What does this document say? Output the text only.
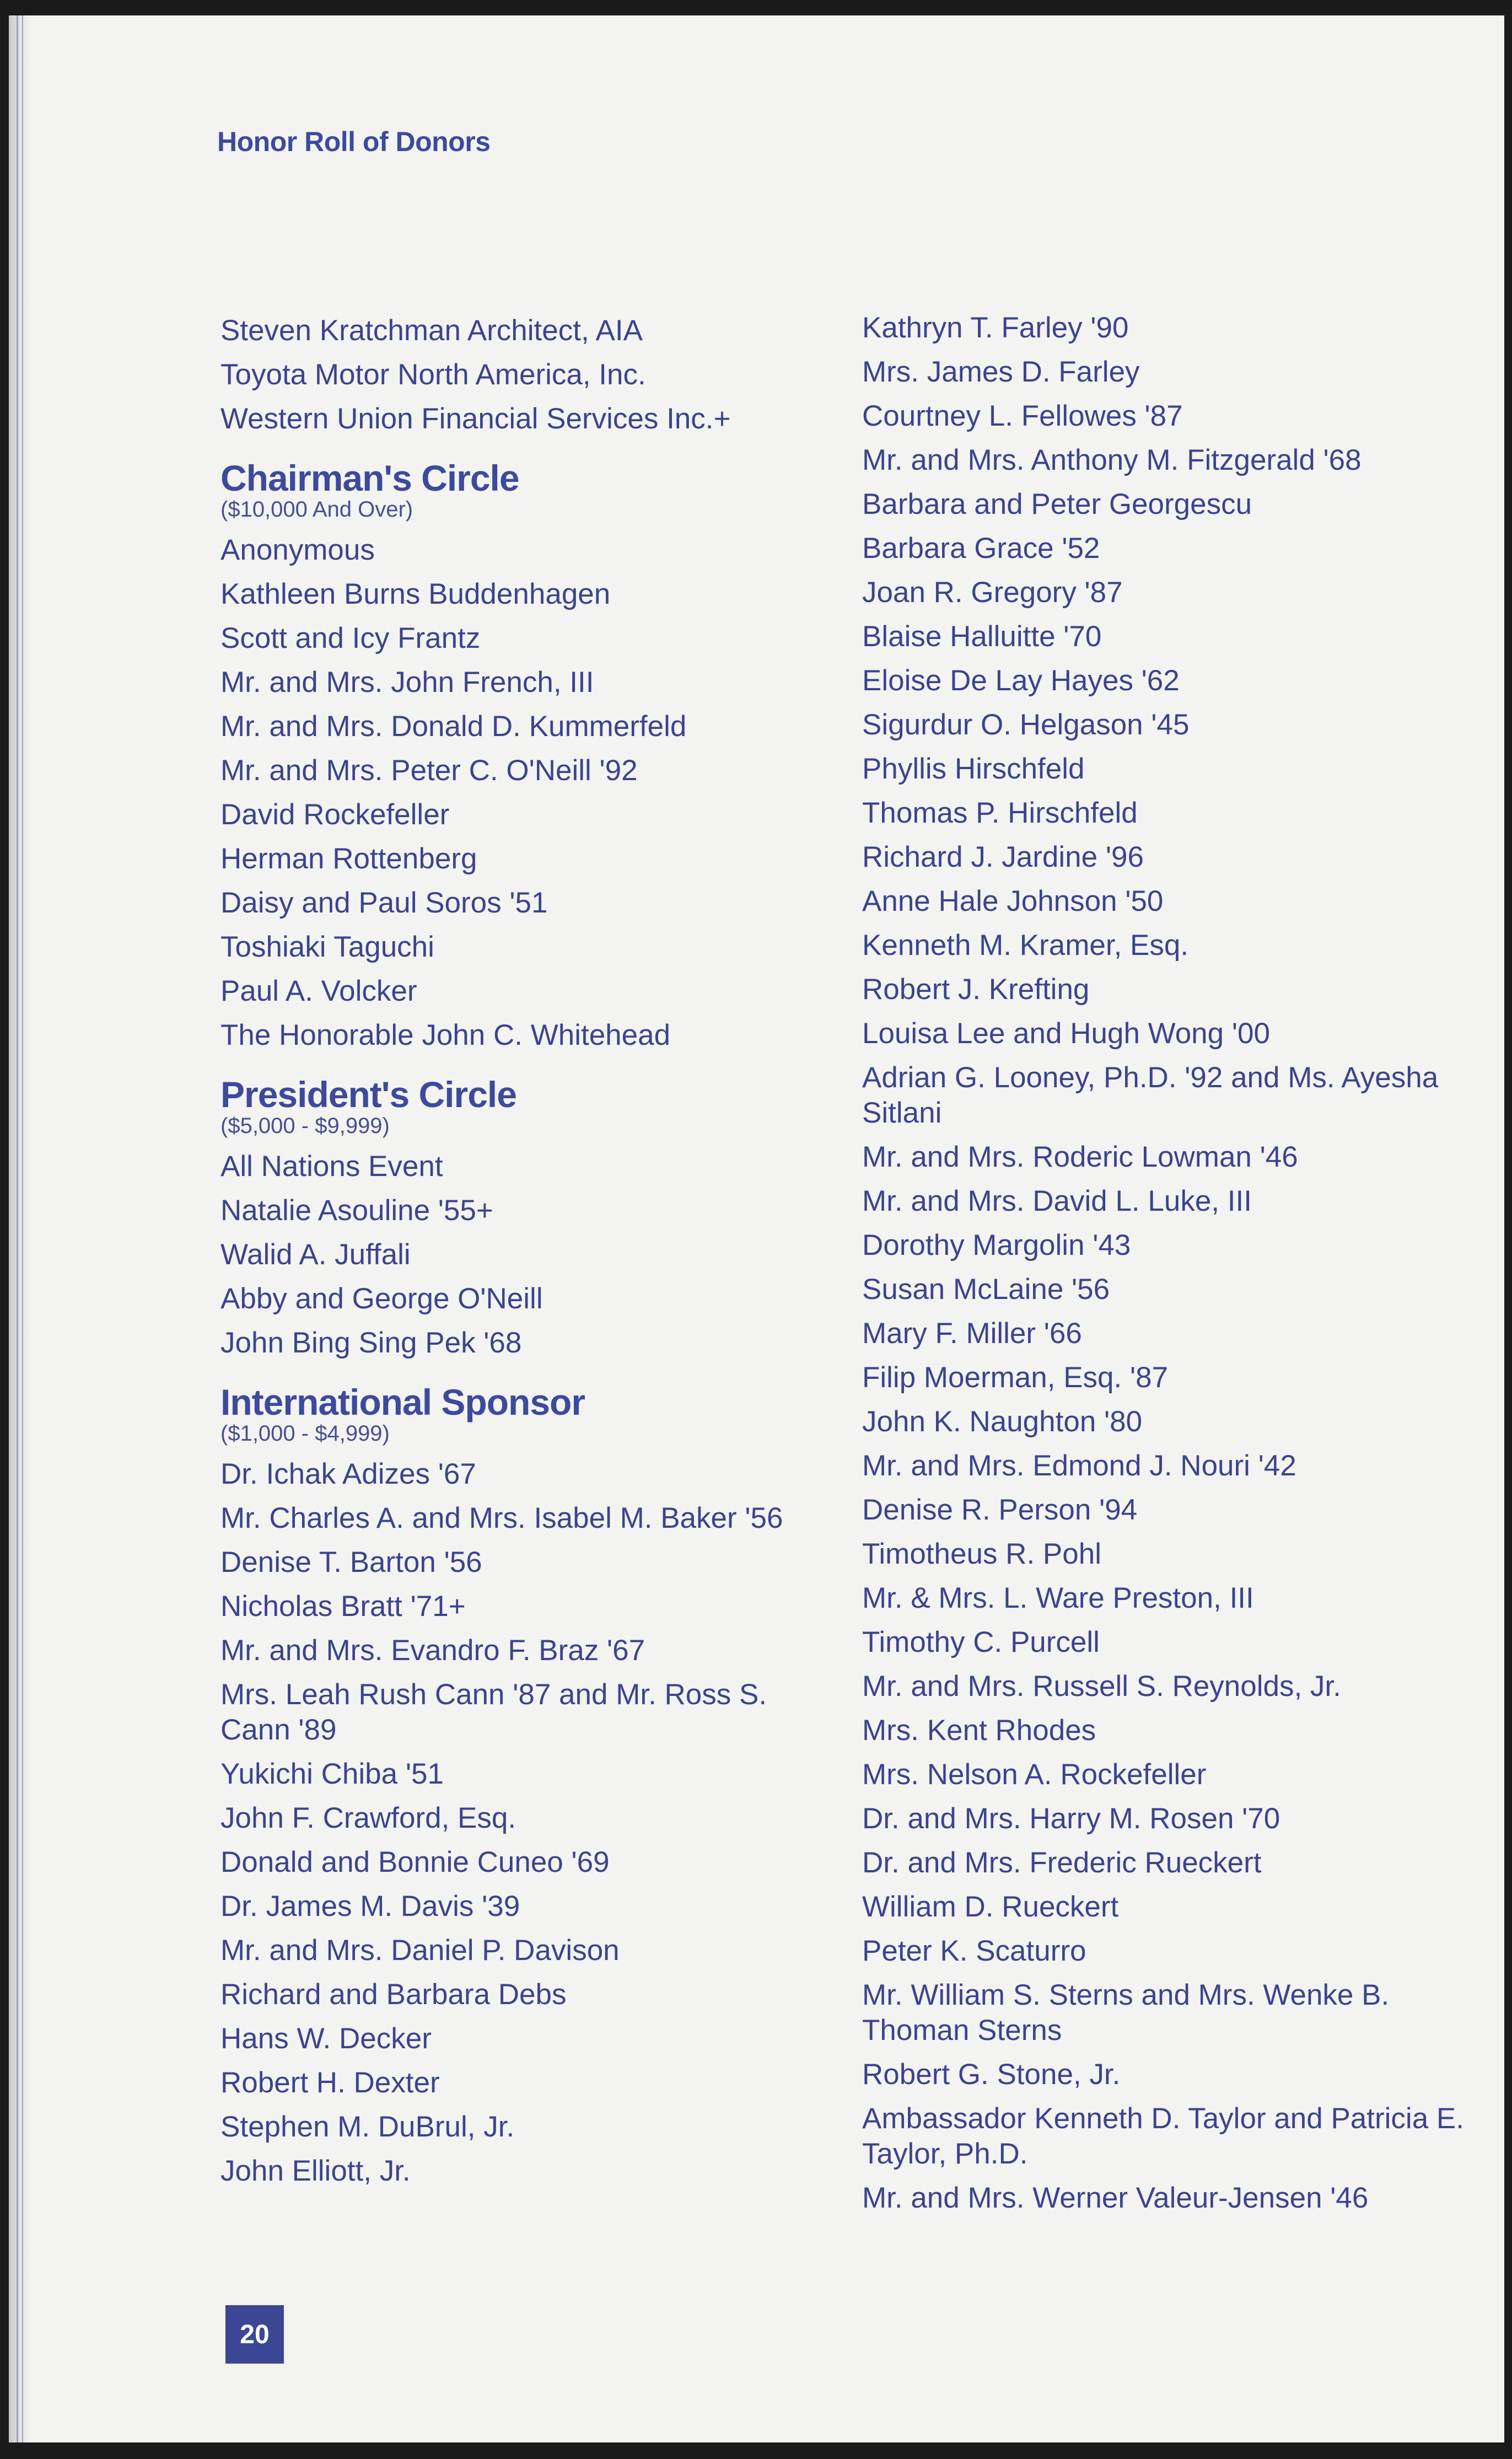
Honor Roll of Donors
Steven Kratchman Architect, AIA
Toyota Motor North America, Inc.
Western Union Financial Services Inc.+
Chairman's Circle
($10,000 And Over)
Anonymous
Kathleen Burns Buddenhagen
Scott and Icy Frantz
Mr. and Mrs. John French, III
Mr. and Mrs. Donald D. Kummerfeld
Mr. and Mrs. Peter C. O'Neill '92
David Rockefeller
Herman Rottenberg
Daisy and Paul Soros '51
Toshiaki Taguchi
Paul A. Volcker
The Honorable John C. Whitehead
President's Circle
($5,000 - $9,999)
All Nations Event
Natalie Asouline '55+
Walid A. Juffali
Abby and George O'Neill
John Bing Sing Pek '68
International Sponsor
($1,000 - $4,999)
Dr. Ichak Adizes '67
Mr. Charles A. and Mrs. Isabel M. Baker '56
Denise T. Barton '56
Nicholas Bratt '71+
Mr. and Mrs. Evandro F. Braz '67
Mrs. Leah Rush Cann '87 and Mr. Ross S. Cann '89
Yukichi Chiba '51
John F. Crawford, Esq.
Donald and Bonnie Cuneo '69
Dr. James M. Davis '39
Mr. and Mrs. Daniel P. Davison
Richard and Barbara Debs
Hans W. Decker
Robert H. Dexter
Stephen M. DuBrul, Jr.
John Elliott, Jr.
Kathryn T. Farley '90
Mrs. James D. Farley
Courtney L. Fellowes '87
Mr. and Mrs. Anthony M. Fitzgerald '68
Barbara and Peter Georgescu
Barbara Grace '52
Joan R. Gregory '87
Blaise Halluitte '70
Eloise De Lay Hayes '62
Sigurdur O. Helgason '45
Phyllis Hirschfeld
Thomas P. Hirschfeld
Richard J. Jardine '96
Anne Hale Johnson '50
Kenneth M. Kramer, Esq.
Robert J. Krefting
Louisa Lee and Hugh Wong '00
Adrian G. Looney, Ph.D. '92 and Ms. Ayesha Sitlani
Mr. and Mrs. Roderic Lowman '46
Mr. and Mrs. David L. Luke, III
Dorothy Margolin '43
Susan McLaine '56
Mary F. Miller '66
Filip Moerman, Esq. '87
John K. Naughton '80
Mr. and Mrs. Edmond J. Nouri '42
Denise R. Person '94
Timotheus R. Pohl
Mr. & Mrs. L. Ware Preston, III
Timothy C. Purcell
Mr. and Mrs. Russell S. Reynolds, Jr.
Mrs. Kent Rhodes
Mrs. Nelson A. Rockefeller
Dr. and Mrs. Harry M. Rosen '70
Dr. and Mrs. Frederic Rueckert
William D. Rueckert
Peter K. Scaturro
Mr. William S. Sterns and Mrs. Wenke B. Thoman Sterns
Robert G. Stone, Jr.
Ambassador Kenneth D. Taylor and Patricia E. Taylor, Ph.D.
Mr. and Mrs. Werner Valeur-Jensen '46
20
